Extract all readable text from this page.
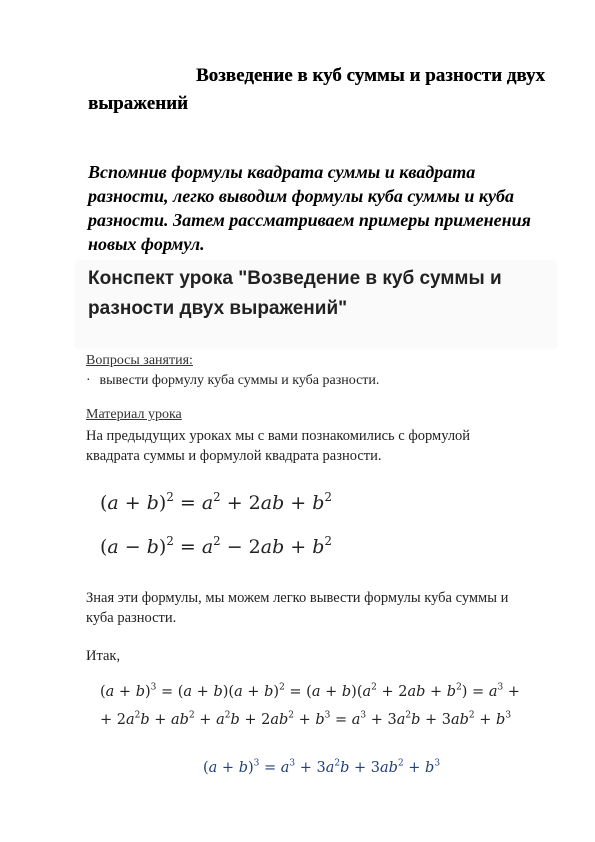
Возведение в куб суммы и разности двух выражений

Вспомнив формулы квадрата суммы и квадрата разности, легко выводим формулы куба суммы и куба разности. Затем рассматриваем примеры применения новых формул.

Конспект урока "Возведение в куб суммы и разности двух выражений"
Вопросы занятия:
· вывести формулу куба суммы и куба разности.
Материал урока

На предыдущих уроках мы с вами познакомились с формулой квадрата суммы и формулой квадрата разности.

$(a + b)^2 = a^2 + 2ab + b^2$
$(a - b)^2 = a^2 - 2ab + b^2$

Зная эти формулы, мы можем легко вывести формулы куба суммы и куба разности.

Итак,

$(a + b)^3 = (a + b)(a + b)^2 = (a + b)(a^2 + 2ab + b^2) = a^3$ +
+ $2a^2b + ab^2 + a^2b + 2ab^2 + b^3 = a^3 + 3a^2b + 3ab^2 + b^3$
$(a + b)^3 = a^3 + 3a^2b + 3ab^2 + b^3$
